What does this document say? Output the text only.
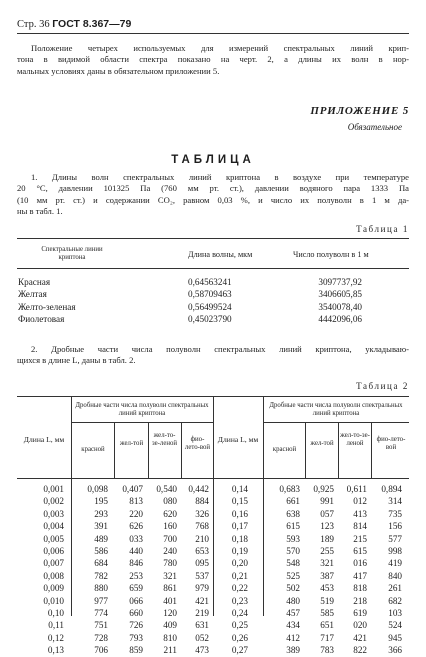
Стр. 36 ГОСТ 8.367—79
Положение четырех используемых для измерений спектральных линий крип-
тона в видимой области спектра показано на черт. 2, а длины их волн в нор-
мальных условиях даны в обязательном приложении 5.
ПРИЛОЖЕНИЕ 5
Обязательное
ТАБЛИЦА
1. Длины волн спектральных линий криптона в воздухе при температуре
20 °С, давлении 101325 Па (760 мм рт. ст.), давлении водяного пара 1333 Па
(10 мм рт. ст.) и содержании CO₂, равном 0,03 %, и число их полуволн в 1 м да-
ны в табл. 1.
Таблица 1
Спектральные линии криптона	Длина волны, мкм	Число полуволн в 1 м
Красная
Желтая
Желто-зеленая
Фиолетовая
0,64563241
0,58709463
0,56499524
0,45023790
3097737,92
3406605,85
3540078,40
4442096,06
2. Дробные части числа полуволн спектральных линий криптона, укладываю-
щихся в длине L, даны в табл. 2.
Таблица 2
Длина L, мм
Дробные части числа полуволн спектральных линий криптона
красной
жел-той
жел-то-зе-леной
фио-лето-вой
Длина L, мм
Дробные части числа полуволн спектральных линий криптона
красной
жел-той
жел-то-зе-леной
фио-лето-вой
0,001
0,002
0,003
0,004
0,005
0,006
0,007
0,008
0,009
0,010
0,10
0,11
0,12
0,13
0,098
195
293
391
489
586
684
782
880
977
774
751
728
706
0,407
813
220
626
033
440
846
253
659
066
660
726
793
859
0,540
080
620
160
700
240
780
321
861
401
120
409
810
211
0,442
884
326
768
210
653
095
537
979
421
219
631
052
473
0,14
0,15
0,16
0,17
0,18
0,19
0,20
0,21
0,22
0,23
0,24
0,25
0,26
0,27
0,683
661
638
615
593
570
548
525
502
480
457
434
412
389
0,925
991
057
123
189
255
321
387
453
519
585
651
717
783
0,611
012
413
814
215
615
016
417
818
218
619
020
421
822
0,894
314
735
156
577
998
419
840
261
682
103
524
945
366
